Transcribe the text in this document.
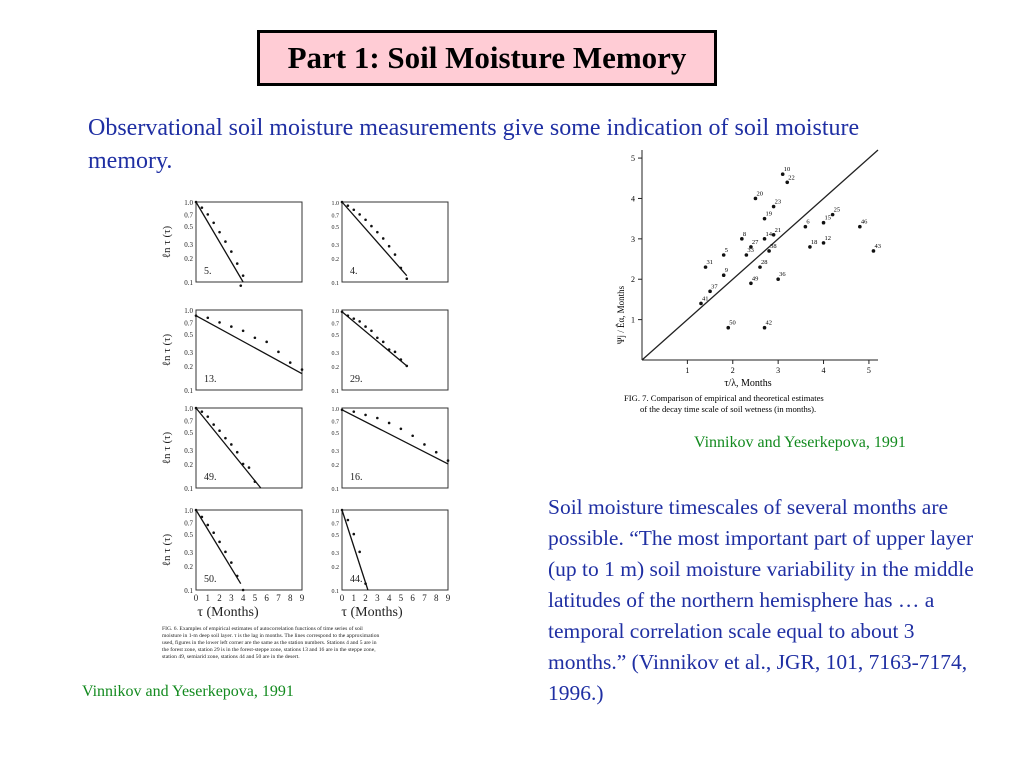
Part 1: Soil Moisture Memory
Observational soil moisture measurements give some indication of soil moisture memory.
1	2	3	4	5
1
2
3
4
5
10
22
20
23
19
25
15
46
6
8	14
21
12
18
43
27
33
5
38
31	28
9
36
49
37
41
50	42
Ψj / Êα, Months
τ/λ, Months
FIG. 7. Comparison of empirical and theoretical estimates
of the decay time scale of soil wetness (in months).
Vinnikov and Yeserkepova, 1991
1.0
0.7
0.5
0.3
0.2
0.1
ℓn τ (τ)
5.
1.0
0.7
0.5
0.3
0.2
0.1
4.
1.0
0.7
0.5
0.3
0.2
0.1
ℓn τ (τ)
13.
1.0
0.7
0.5
0.3
0.2
0.1
29.
1.0
0.7
0.5
0.3
0.2
0.1
ℓn τ (τ)
49.
1.0
0.7
0.5
0.3
0.2
0.1
16.
1.0
0.7
0.5
0.3
0.2
0.1
ℓn τ (τ)
0 1 2 3 4 5 6 7 8 9
50.
1.0
0.7
0.5
0.3
0.2
0.1
0 1 2 3 4 5 6 7 8 9
44.
τ (Months)	τ (Months)
FIG. 6. Examples of empirical estimates of autocorrelation functions of time series of soil
moisture in 1-m deep soil layer. τ is the lag in months. The lines correspond to the approximation
used, figures in the lower left corner are the same as the station numbers. Stations 4 and 5 are in
the forest zone, station 29 is in the forest-steppe zone, stations 13 and 16 are in the steppe zone,
station 49, semiarid zone, stations 44 and 50 are in the desert.
Vinnikov and Yeserkepova, 1991
Soil moisture timescales of several months are possible. “The most important part of upper layer (up to 1 m) soil moisture variability in the middle latitudes of the northern hemisphere has … a temporal correlation scale equal to about 3 months.” (Vinnikov et al., JGR, 101, 7163-7174, 1996.)
